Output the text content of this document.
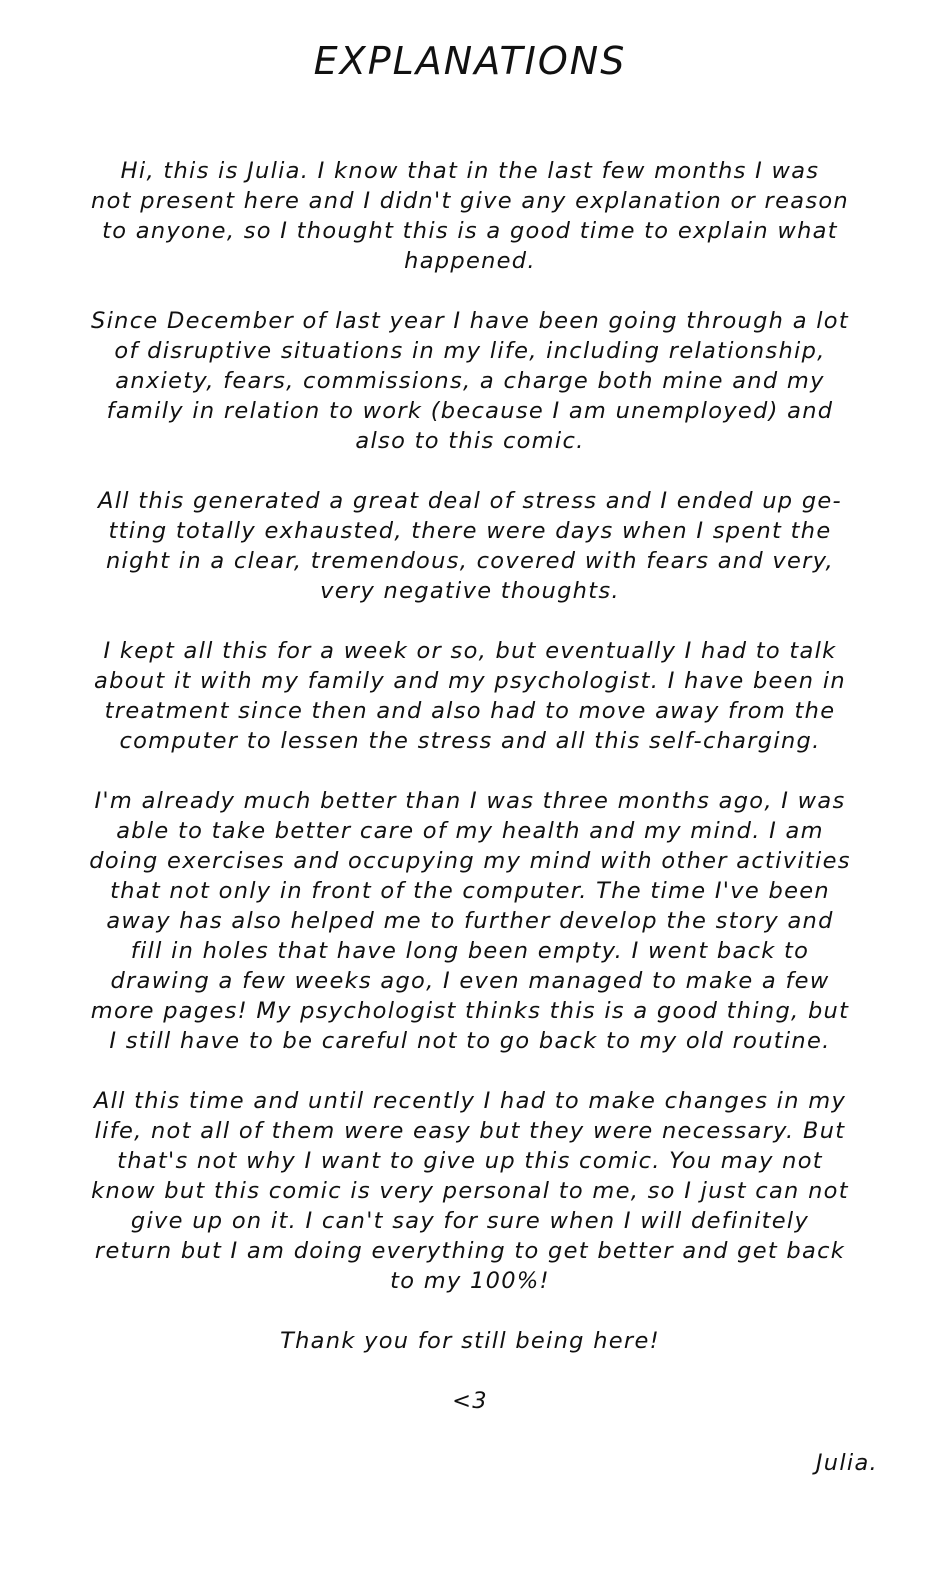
EXPLANATIONS

Hi, this is Julia. I know that in the last few months I was
not present here and I didn't give any explanation or reason
to anyone, so I thought this is a good time to explain what
happened.

Since December of last year I have been going through a lot
of disruptive situations in my life, including relationship,
anxiety, fears, commissions, a charge both mine and my
family in relation to work (because I am unemployed) and
also to this comic.

All this generated a great deal of stress and I ended up ge-
tting totally exhausted, there were days when I spent the
night in a clear, tremendous, covered with fears and very,
very negative thoughts.

I kept all this for a week or so, but eventually I had to talk
about it with my family and my psychologist. I have been in
treatment since then and also had to move away from the
computer to lessen the stress and all this self-charging.

I'm already much better than I was three months ago, I was
able to take better care of my health and my mind. I am
doing exercises and occupying my mind with other activities
that not only in front of the computer. The time I've been
away has also helped me to further develop the story and
fill in holes that have long been empty. I went back to
drawing a few weeks ago, I even managed to make a few
more pages! My psychologist thinks this is a good thing, but
I still have to be careful not to go back to my old routine.

All this time and until recently I had to make changes in my
life, not all of them were easy but they were necessary. But
that's not why I want to give up this comic. You may not
know but this comic is very personal to me, so I just can not
give up on it. I can't say for sure when I will definitely
return but I am doing everything to get better and get back
to my 100%!

Thank you for still being here!

<3

Julia.
